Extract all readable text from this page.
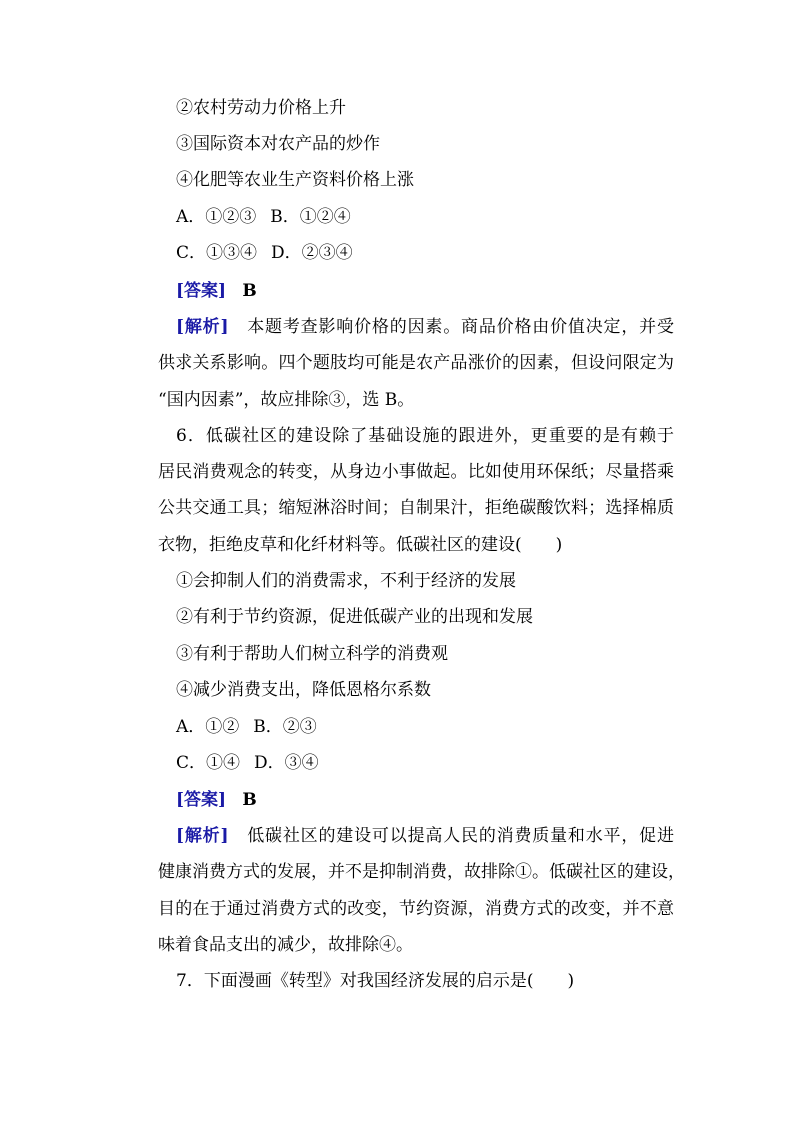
②农村劳动力价格上升
③国际资本对农产品的炒作
④化肥等农业生产资料价格上涨
A．①②③ B．①②④
C．①③④ D．②③④
[答案] B
[解析] 本题考查影响价格的因素。商品价格由价值决定，并受
供求关系影响。四个题肢均可能是农产品涨价的因素，但设问限定为
“国内因素”，故应排除③，选 B。
6．低碳社区的建设除了基础设施的跟进外，更重要的是有赖于
居民消费观念的转变，从身边小事做起。比如使用环保纸；尽量搭乘
公共交通工具；缩短淋浴时间；自制果汁，拒绝碳酸饮料；选择棉质
衣物，拒绝皮草和化纤材料等。低碳社区的建设(　　)
①会抑制人们的消费需求，不利于经济的发展
②有利于节约资源，促进低碳产业的出现和发展
③有利于帮助人们树立科学的消费观
④减少消费支出，降低恩格尔系数
A．①② B．②③
C．①④ D．③④
[答案] B
[解析] 低碳社区的建设可以提高人民的消费质量和水平，促进
健康消费方式的发展，并不是抑制消费，故排除①。低碳社区的建设，
目的在于通过消费方式的改变，节约资源，消费方式的改变，并不意
味着食品支出的减少，故排除④。
7．下面漫画《转型》对我国经济发展的启示是(　　)
